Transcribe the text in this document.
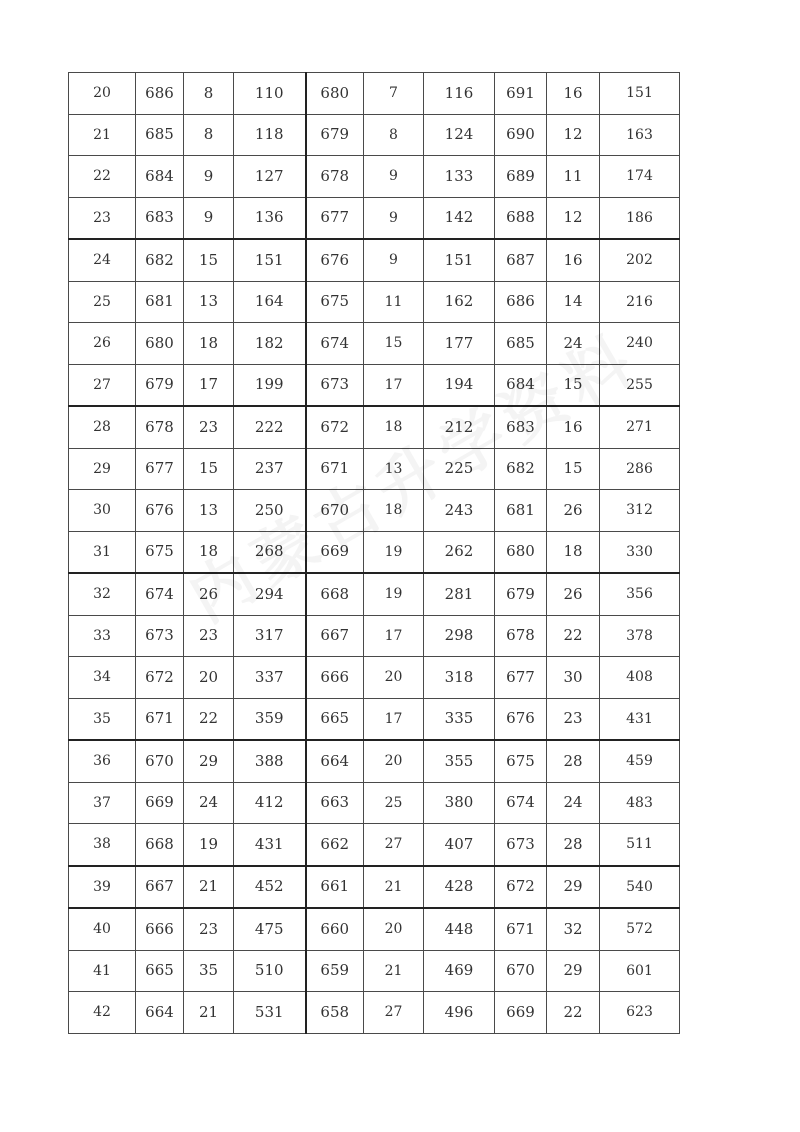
20	686	8	110	680	7	116	691	16	151
21	685	8	118	679	8	124	690	12	163
22	684	9	127	678	9	133	689	11	174
23	683	9	136	677	9	142	688	12	186
24	682	15	151	676	9	151	687	16	202
25	681	13	164	675	11	162	686	14	216
26	680	18	182	674	15	177	685	24	240
27	679	17	199	673	17	194	684	15	255
28	678	23	222	672	18	212	683	16	271
29	677	15	237	671	13	225	682	15	286
30	676	13	250	670	18	243	681	26	312
31	675	18	268	669	19	262	680	18	330
32	674	26	294	668	19	281	679	26	356
33	673	23	317	667	17	298	678	22	378
34	672	20	337	666	20	318	677	30	408
35	671	22	359	665	17	335	676	23	431
36	670	29	388	664	20	355	675	28	459
37	669	24	412	663	25	380	674	24	483
38	668	19	431	662	27	407	673	28	511
39	667	21	452	661	21	428	672	29	540
40	666	23	475	660	20	448	671	32	572
41	665	35	510	659	21	469	670	29	601
42	664	21	531	658	27	496	669	22	623
